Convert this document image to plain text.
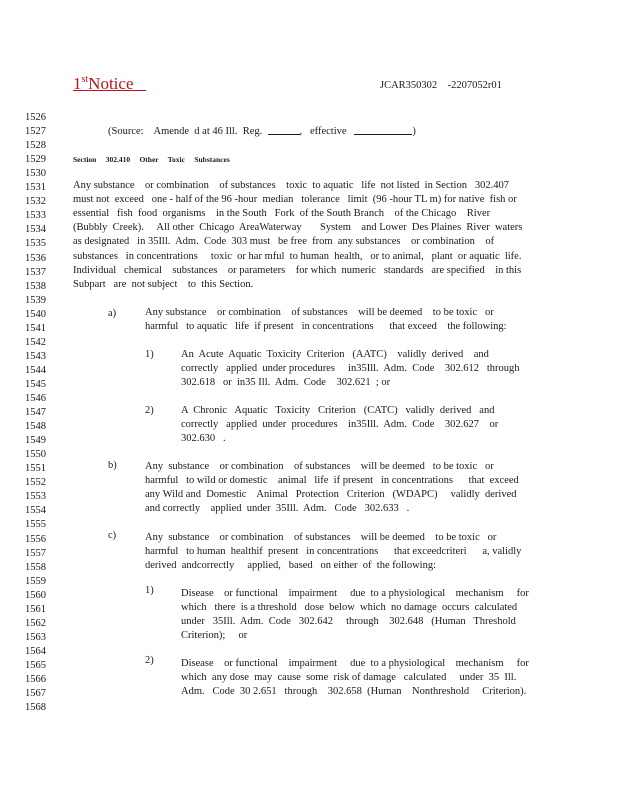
1stNotice	JCAR350302    -2207052r01
1526
1527
1528
1529
1530
1531
1532
1533
1534
1535
1536
1537
1538
1539
1540
1541
1542
1543
1544
1545
1546
1547
1548
1549
1550
1551
1552
1553
1554
1555
1556
1557
1558
1559
1560
1561
1562
1563
1564
1565
1566
1567
1568
(Source:    Amende  d at 46 Ill.  Reg.	,   effective	)
Section     302.410     Other     Toxic     Substances
Any substance    or combination    of substances    toxic  to aquatic   life  not listed  in Section   302.407
must not  exceed   one - half of the 96 -hour  median   tolerance   limit  (96 -hour TL m) for native  fish or
essential   fish  food  organisms    in the South   Fork  of the South Branch    of the Chicago    River
(Bubbly  Creek).     All other  Chicago  AreaWaterway       System    and Lower  Des Plaines  River  waters
as designated   in 35Ill.  Adm.  Code  303 must   be free  from  any substances    or combination    of
substances   in concentrations     toxic  or har mful  to human  health,   or to animal,   plant  or aquatic  life.
Individual   chemical    substances    or parameters    for which  numeric   standards   are specified    in this
Subpart   are  not subject    to  this Section.
a)	Any substance    or combination    of substances    will be deemed    to be toxic   or
harmful   to aquatic   life  if present   in concentrations      that exceed    the following:
1)	An  Acute  Aquatic  Toxicity  Criterion   (AATC)    validly  derived    and
correctly   applied  under procedures     in35Ill.  Adm.  Code    302.612   through
302.618   or  in35 Ill.  Adm.  Code    302.621  ; or
2)	A  Chronic   Aquatic   Toxicity   Criterion   (CATC)   validly  derived   and
correctly   applied  under  procedures    in35Ill.  Adm.  Code    302.627    or
302.630   .
b)	Any  substance    or combination    of substances    will be deemed   to be toxic   or
harmful   to wild or domestic    animal   life  if present   in concentrations      that  exceed
any Wild and  Domestic    Animal   Protection   Criterion   (WDAPC)     validly  derived
and correctly    applied  under  35Ill.  Adm.   Code   302.633   .
c)	Any  substance    or combination    of substances    will be deemed    to be toxic   or
harmful   to human  healthif  present   in concentrations      that exceedcriteri      a, validly
derived  andcorrectly     applied,   based   on either  of  the following:
1)	Disease    or functional    impairment     due  to a physiological    mechanism     for
which   there  is a threshold   dose  below  which  no damage  occurs  calculated
under   35Ill.  Adm.  Code   302.642     through    302.648   (Human   Threshold
Criterion);     or
2)	Disease    or functional    impairment     due  to a physiological    mechanism     for
which  any dose  may  cause  some  risk of damage   calculated     under  35  Ill.
Adm.   Code  30 2.651   through    302.658  (Human    Nonthreshold     Criterion).
